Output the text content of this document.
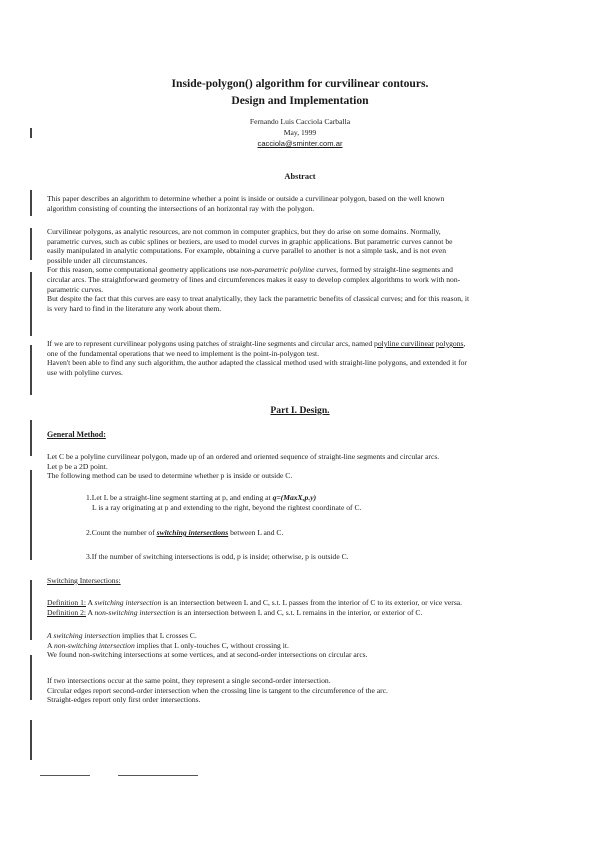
Inside-polygon() algorithm for curvilinear contours.
Design and Implementation
Fernando Luis Cacciola Carballa
May, 1999
cacciola@sminter.com.ar
Abstract
This paper describes an algorithm to determine whether a point is inside or outside a curvilinear polygon, based on the well known
algorithm consisting of counting the intersections of an horizontal ray with the polygon.
Curvilinear polygons, as analytic resources, are not common in computer graphics, but they do arise on some domains. Normally,
parametric curves, such as cubic splines or beziers, are used to model curves in graphic applications. But parametric curves cannot be
easily manipulated in analytic computations. For example, obtaining a curve parallel to another is not a simple task, and is not even
possible under all circumstances.
For this reason, some computational geometry applications use non-parametric polyline curves, formed by straight-line segments and
circular arcs. The straightforward geometry of lines and circumferences makes it easy to develop complex algorithms to work with non-
parametric curves.
But despite the fact that this curves are easy to treat analytically, they lack the parametric benefits of classical curves; and for this reason, it
is very hard to find in the literature any work about them.
If we are to represent curvilinear polygons using patches of straight-line segments and circular arcs, named polyline curvilinear polygons,
one of the fundamental operations that we need to implement is the point-in-polygon test.
Haven't been able to find any such algorithm, the author adapted the classical method used with straight-line polygons, and extended it for
use with polyline curves.
Part I. Design.
General Method:
Let C be a polyline curvilinear polygon, made up of an ordered and oriented sequence of straight-line segments and circular arcs.
Let p be a 2D point.
The following method can be used to determine whether p is inside or outside C.
1.Let L be a straight-line segment starting at p, and ending at q=(MaxX,p.y)
L is a ray originating at p and extending to the right, beyond the rightest coordinate of C.
2.Count the number of switching intersections between L and C.
3.If the number of switching intersections is odd, p is inside; otherwise, p is outside C.
Switching Intersections:
Definition 1: A switching intersection is an intersection between L and C, s.t. L passes from the interior of C to its exterior, or vice versa.
Definition 2: A non-switching intersection is an intersection between L and C, s.t. L remains in the interior, or exterior of C.
A switching intersection implies that L crosses C.
A non-switching intersection implies that L only-touches C, without crossing it.
We found non-switching intersections at some vertices, and at second-order intersections on circular arcs.
If two intersections occur at the same point, they represent a single second-order intersection.
Circular edges report second-order intersection when the crossing line is tangent to the circumference of the arc.
Straight-edges report only first order intersections.
